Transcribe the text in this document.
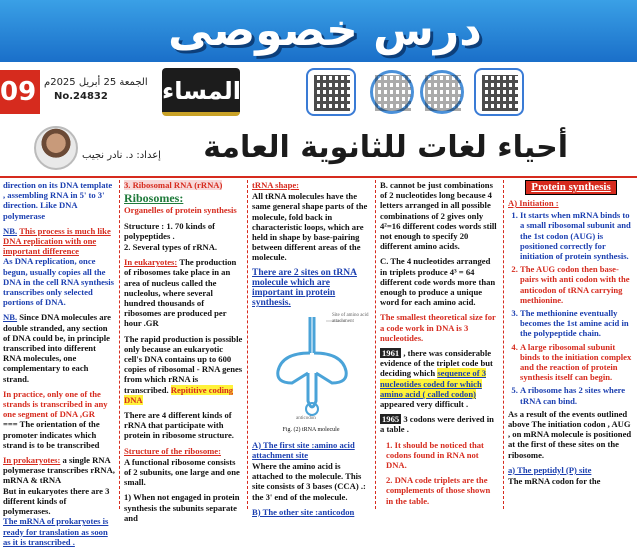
درس خصوصى
09 الجمعة 25 أبريل 2025م
No.24832	المساء
إعداد: د. نادر نجيب	أحياء لغات للثانوية العامة

direction on its DNA template , assembling RNA in 5' to 3' direction. Like DNA polymerase

NB. This process is much like DNA replication with one important difference
As DNA replication, once begun, usually copies all the DNA in the cell RNA synthesis transcribes only selected portions of DNA.

NB. Since DNA molecules are double stranded, any section of DNA could be, in principle transcribed into different RNA molecules, one complementary to each strand.

In practice, only one of the strands is transcribed in any one segment of DNA ,GR
=== The orientation of the promoter indicates which strand is to be transcribed

In prokaryotes: a single RNA polymerase transcribes rRNA, mRNA & tRNA
But in eukaryotes there are 3 different kinds of polymerases.
The mRNA of prokaryotes is ready for translation as soon as it is transcribed .

3. Ribosomal RNA (rRNA)

Ribosomes:

Organelles of protein synthesis

Structure : 1. 70 kinds of polypeptides .

2. Several types of rRNA.

In eukaryotes: The production of ribosomes take place in an area of nucleus called the nucleolus, where several hundred thousands of ribosomes are produced per hour .GR

The rapid production is possible only because an eukaryotic cell's DNA contains up to 600 copies of ribosomal - RNA genes from which rRNA is transcribed. Repititive coding DNA

There are 4 different kinds of rRNA that participate with protein in ribosome structure.

Structure of the ribosome:

A functional ribosome consists of 2 subunits, one large and one small.

1) When not engaged in protein synthesis the subunits separate and

tRNA shape:

All tRNA molecules have the same general shape parts of the molecule, fold back in characteristic loops, which are held in shape by base-pairing between different areas of the molecule.

There are 2 sites on tRNA molecule which are important in protein synthesis.

Site of amino acid attachment
anticodon

Fig. (2) tRNA molecule

A) The first site :amino acid attachment site

Where the amino acid is attached to the molecule. This site consists of 3 bases (CCA) .: the 3' end of the molecule.

B) The other site :anticodon

B. cannot be just combinations of 2 nucleotides long because 4 letters arranged in all possible combinations of 2 gives only 4²=16 different codes words still not enough to specify 20 different amino acids.

C. The 4 nucleotides arranged in triplets produce 4³ = 64 different code words more than enough to produce a unique word for each amino acid.

The smallest theoretical size for a code work in DNA is 3 nucleotides.

1961 , there was considerable evidence of the triplet code but deciding which sequence of 3 nucleotides coded for which amino acid ( called codon) appeared very difficult .

1965 3 codons were derived in a table .

1. It should be noticed that codons found in RNA not DNA.

2. DNA code triplets are the complements of those shown in the table.

Protein synthesis

A) Initiation :

1. It starts when mRNA binds to a small ribosomal subunit and the 1st codon (AUG) is positioned correctly for initiation of protein synthesis.
2. The AUG codon then base-pairs with anti codon with the anticodon of tRNA carrying methionine.
3. The methionine eventually becomes the 1st amine acid in the polypeptide chain.
4. A large ribosomal subunit binds to the initiation complex and the reaction of protein synthesis itself can begin.
5. A ribosome has 2 sites where tRNA can bind.

As a result of the events outlined above The initiation codon , AUG , on mRNA molecule is positioned at the first of these sites on the ribosome.

a) The peptidyl (P) site

The mRNA codon for the
